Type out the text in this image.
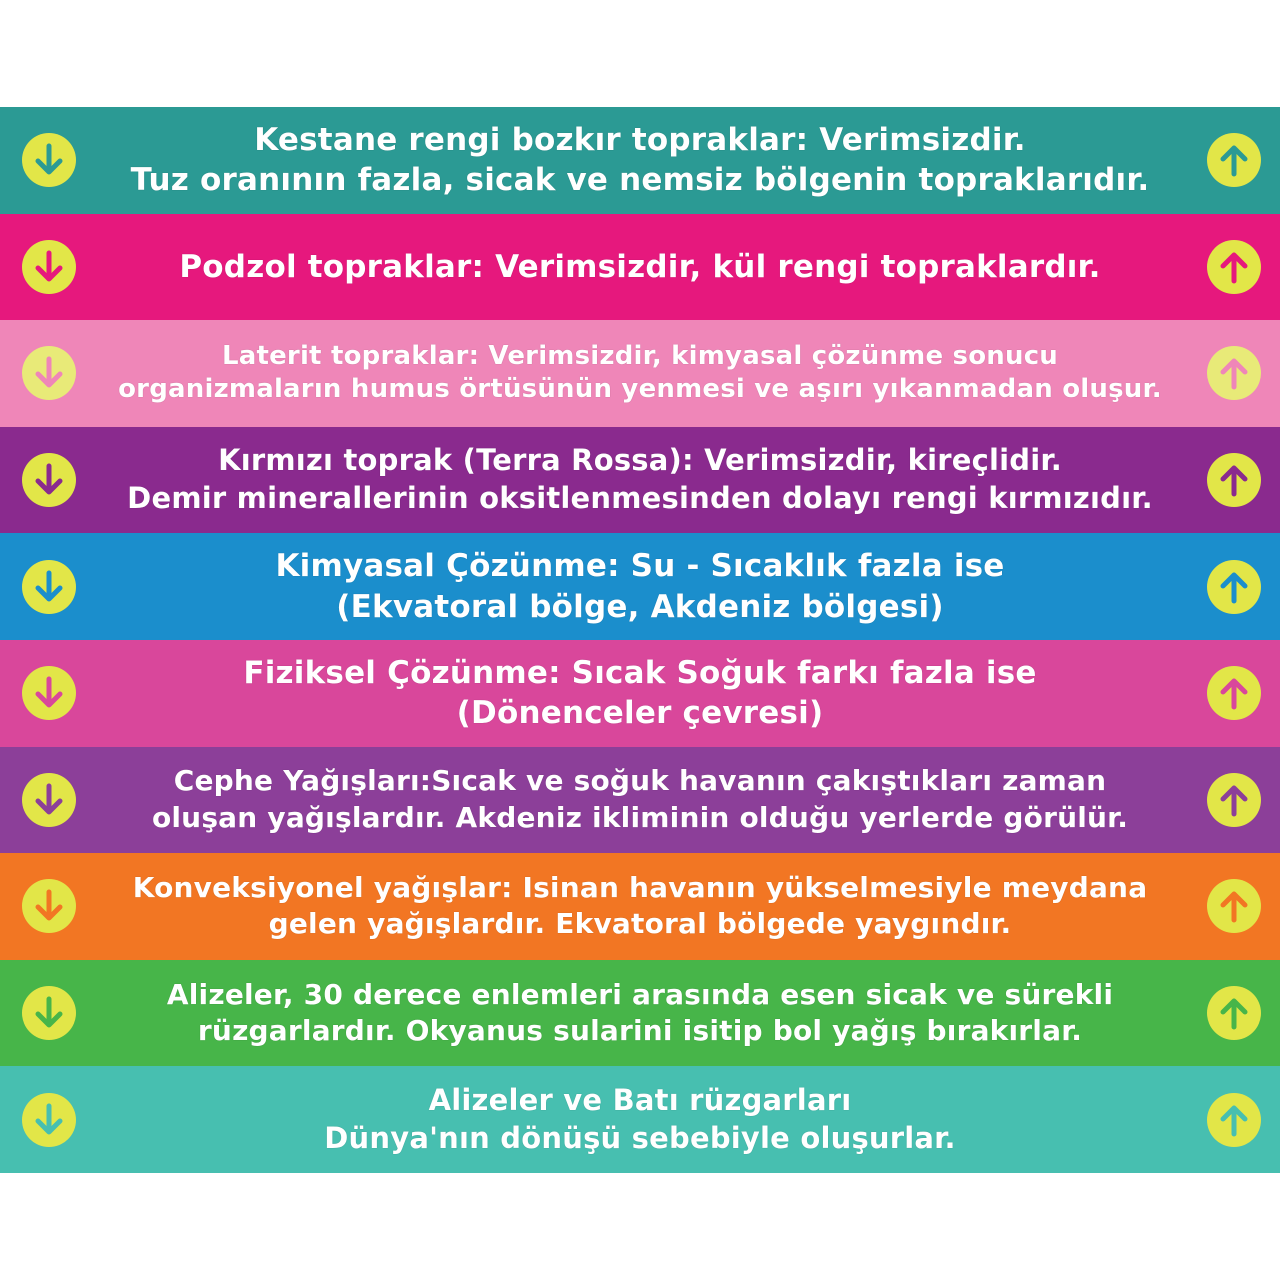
Kestane rengi bozkır topraklar: Verimsizdir.
Tuz oranının fazla, sicak ve nemsiz bölgenin topraklarıdır.
Podzol topraklar: Verimsizdir, kül rengi topraklardır.
Laterit topraklar: Verimsizdir, kimyasal çözünme sonucu
organizmaların humus örtüsünün yenmesi ve aşırı yıkanmadan oluşur.
Kırmızı toprak (Terra Rossa): Verimsizdir, kireçlidir.
Demir minerallerinin oksitlenmesinden dolayı rengi kırmızıdır.
Kimyasal Çözünme: Su - Sıcaklık fazla ise
(Ekvatoral bölge, Akdeniz bölgesi)
Fiziksel Çözünme: Sıcak Soğuk farkı fazla ise
(Dönenceler çevresi)
Cephe Yağışları:Sıcak ve soğuk havanın çakıştıkları zaman
oluşan yağışlardır. Akdeniz ikliminin olduğu yerlerde görülür.
Konveksiyonel yağışlar: Isinan havanın yükselmesiyle meydana
gelen yağışlardır. Ekvatoral bölgede yaygındır.
Alizeler, 30 derece enlemleri arasında esen sicak ve sürekli
rüzgarlardır. Okyanus sularini isitip bol yağış bırakırlar.
Alizeler ve Batı rüzgarları
Dünya'nın dönüşü sebebiyle oluşurlar.
